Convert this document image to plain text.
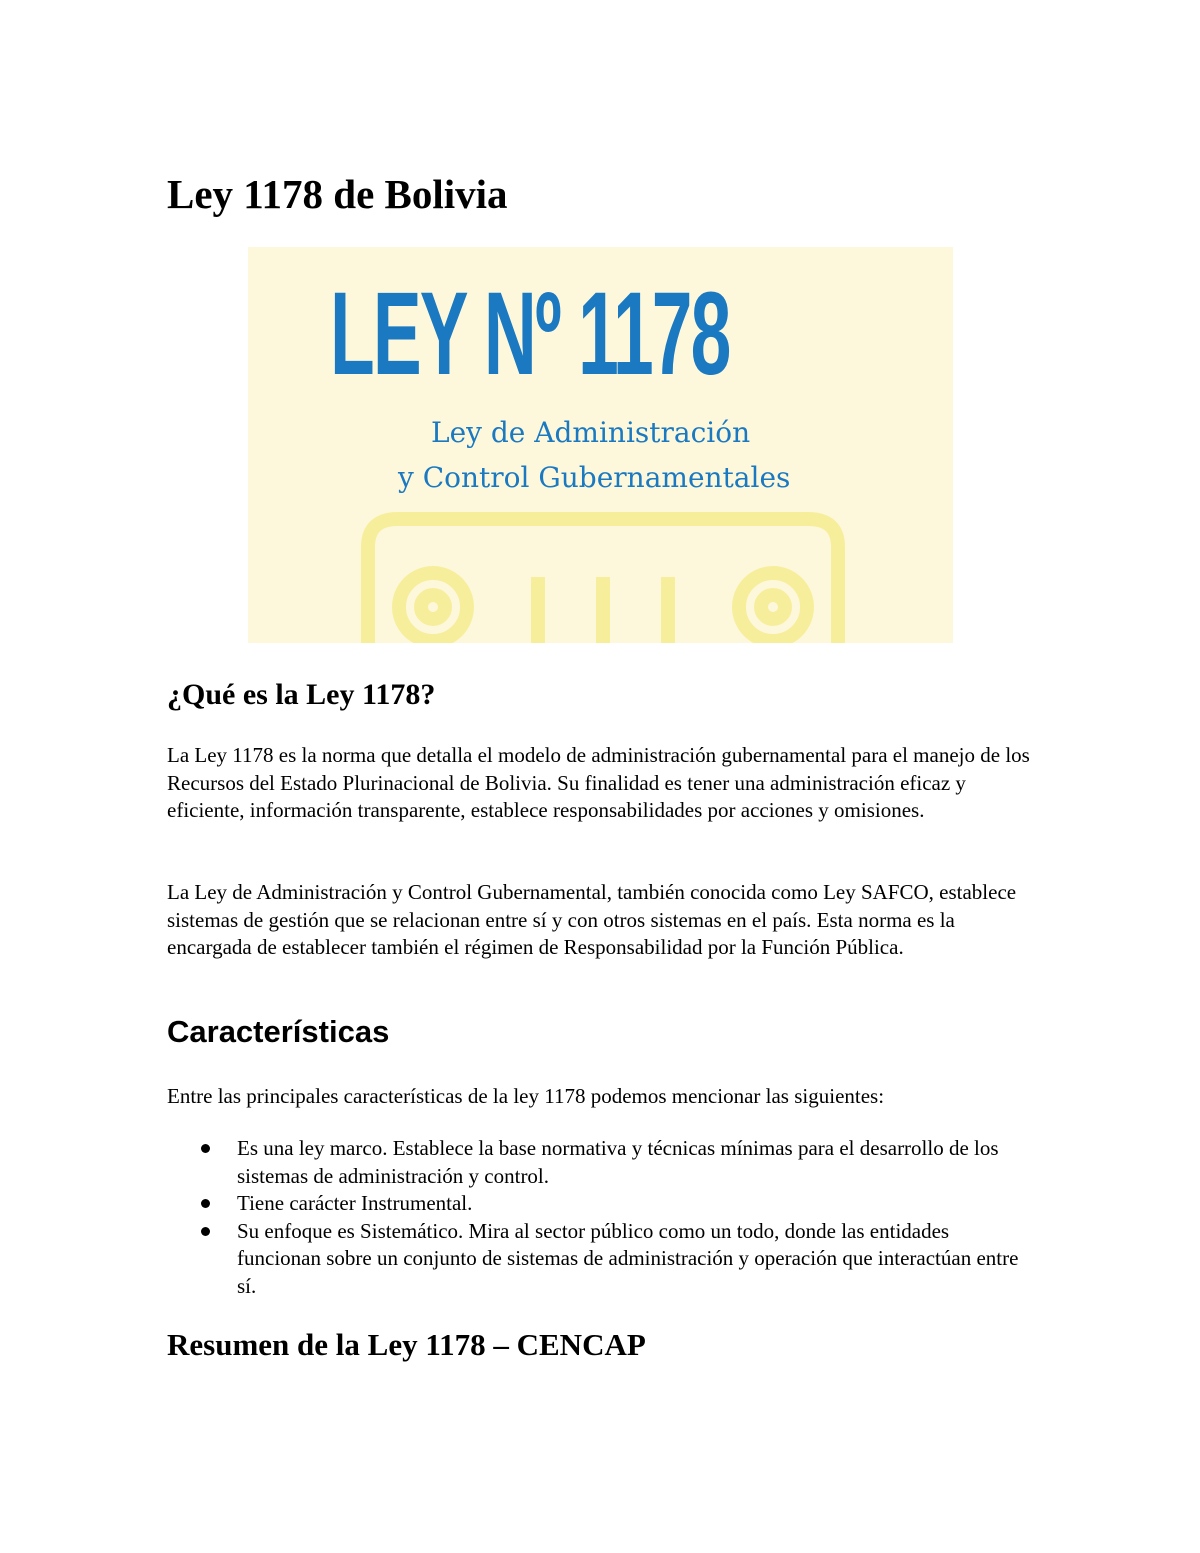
Ley 1178 de Bolivia
LEY Nº 1178
Ley de Administración
y Control Gubernamentales
¿Qué es la Ley 1178?

La Ley 1178 es la norma que detalla el modelo de administración gubernamental para el manejo de los Recursos del Estado Plurinacional de Bolivia. Su finalidad es tener una administración eficaz y eficiente, información transparente, establece responsabilidades por acciones y omisiones.

La Ley de Administración y Control Gubernamental, también conocida como Ley SAFCO, establece sistemas de gestión que se relacionan entre sí y con otros sistemas en el país. Esta norma es la encargada de establecer también el régimen de Responsabilidad por la Función Pública.

Características

Entre las principales características de la ley 1178 podemos mencionar las siguientes:

Es una ley marco. Establece la base normativa y técnicas mínimas para el desarrollo de los sistemas de administración y control.
Tiene carácter Instrumental.
Su enfoque es Sistemático. Mira al sector público como un todo, donde las entidades funcionan sobre un conjunto de sistemas de administración y operación que interactúan entre sí.
Resumen de la Ley 1178 – CENCAP
